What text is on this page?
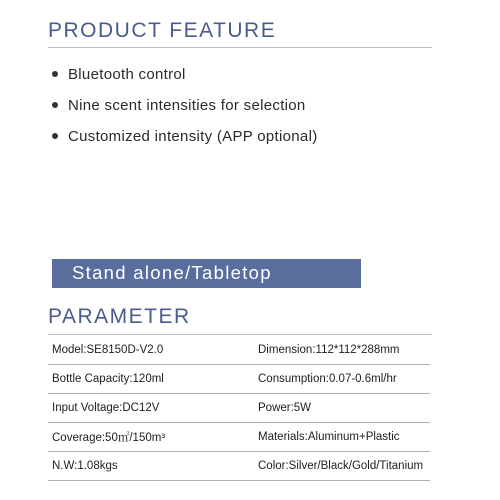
PRODUCT FEATURE
Bluetooth control
Nine scent intensities for selection
Customized intensity (APP optional)
Stand alone/Tabletop
PARAMETER
Model:SE8150D-V2.0	Dimension:112*112*288mm
Bottle Capacity:120ml	Consumption:0.07-0.6ml/hr
Input Voltage:DC12V	Power:5W
Coverage:50㎡/150m³	Materials:Aluminum+Plastic
N.W:1.08kgs	Color:Silver/Black/Gold/Titanium
